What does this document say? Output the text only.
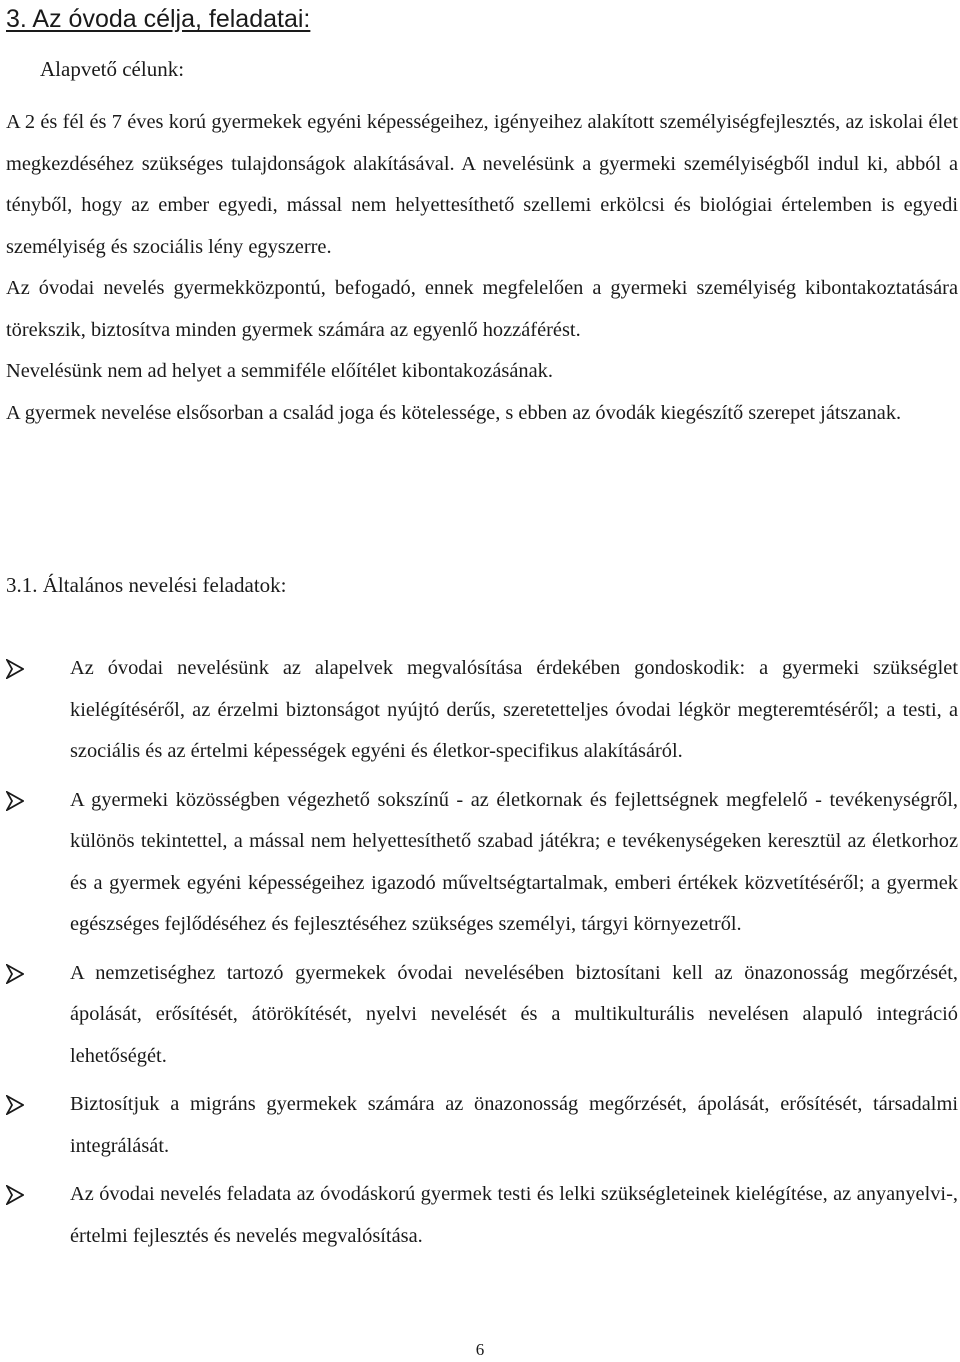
3. Az óvoda célja, feladatai:
Alapvető célunk:

A 2 és fél és 7 éves korú gyermekek egyéni képességeihez, igényeihez alakított személyiségfejlesztés, az iskolai élet megkezdéséhez szükséges tulajdonságok alakításával. A nevelésünk a gyermeki személyiségből indul ki, abból a tényből, hogy az ember egyedi, mással nem helyettesíthető szellemi erkölcsi és biológiai értelemben is egyedi személyiség és szociális lény egyszerre.

Az óvodai nevelés gyermekközpontú, befogadó, ennek megfelelően a gyermeki személyiség kibontakoztatására törekszik, biztosítva minden gyermek számára az egyenlő hozzáférést.

Nevelésünk nem ad helyet a semmiféle előítélet kibontakozásának.

A gyermek nevelése elsősorban a család joga és kötelessége, s ebben az óvodák kiegészítő szerepet játszanak.

3.1. Általános nevelési feladatok:
Az óvodai nevelésünk az alapelvek megvalósítása érdekében gondoskodik: a gyermeki szükséglet kielégítéséről, az érzelmi biztonságot nyújtó derűs, szeretetteljes óvodai légkör megteremtéséről; a testi, a szociális és az értelmi képességek egyéni és életkor-specifikus alakításáról.
A gyermeki közösségben végezhető sokszínű - az életkornak és fejlettségnek megfelelő - tevékenységről, különös tekintettel, a mással nem helyettesíthető szabad játékra; e tevékenységeken keresztül az életkorhoz és a gyermek egyéni képességeihez igazodó műveltségtartalmak, emberi értékek közvetítéséről; a gyermek egészséges fejlődéséhez és fejlesztéséhez szükséges személyi, tárgyi környezetről.
A nemzetiséghez tartozó gyermekek óvodai nevelésében biztosítani kell az önazonosság megőrzését, ápolását, erősítését, átörökítését, nyelvi nevelését és a multikulturális nevelésen alapuló integráció lehetőségét.
Biztosítjuk a migráns gyermekek számára az önazonosság megőrzését, ápolását, erősítését, társadalmi integrálását.
Az óvodai nevelés feladata az óvodáskorú gyermek testi és lelki szükségleteinek kielégítése, az anyanyelvi-, értelmi fejlesztés és nevelés megvalósítása.
6
